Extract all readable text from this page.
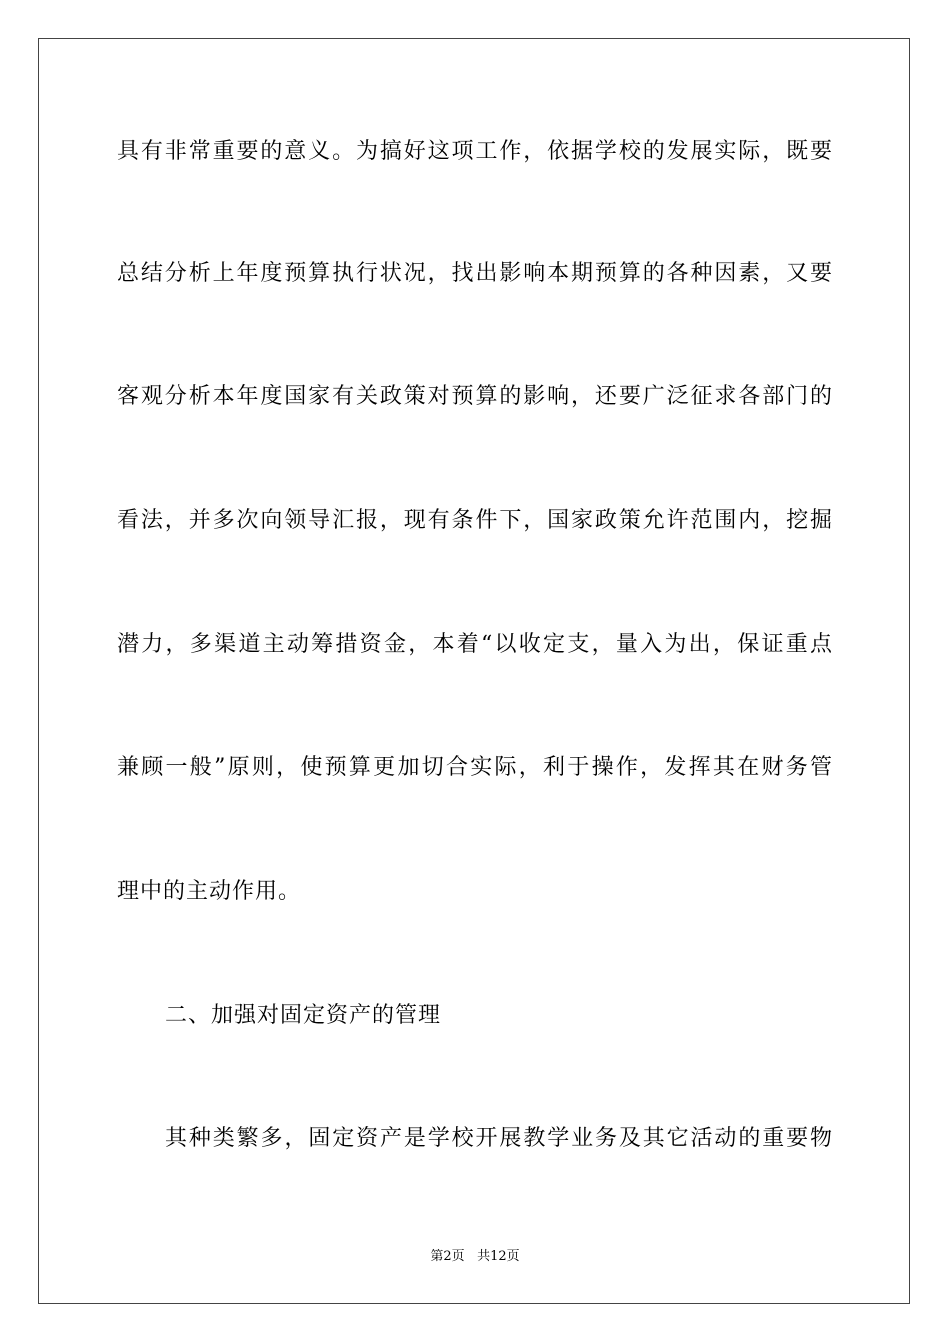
具有非常重要的意义。为搞好这项工作，依据学校的发展实际，既要
总结分析上年度预算执行状况，找出影响本期预算的各种因素，又要
客观分析本年度国家有关政策对预算的影响，还要广泛征求各部门的
看法，并多次向领导汇报，现有条件下，国家政策允许范围内，挖掘
潜力，多渠道主动筹措资金，本着“以收定支，量入为出，保证重点
兼顾一般”原则，使预算更加切合实际，利于操作，发挥其在财务管
理中的主动作用。
二、加强对固定资产的管理
其种类繁多，固定资产是学校开展教学业务及其它活动的重要物
第2页 共12页
